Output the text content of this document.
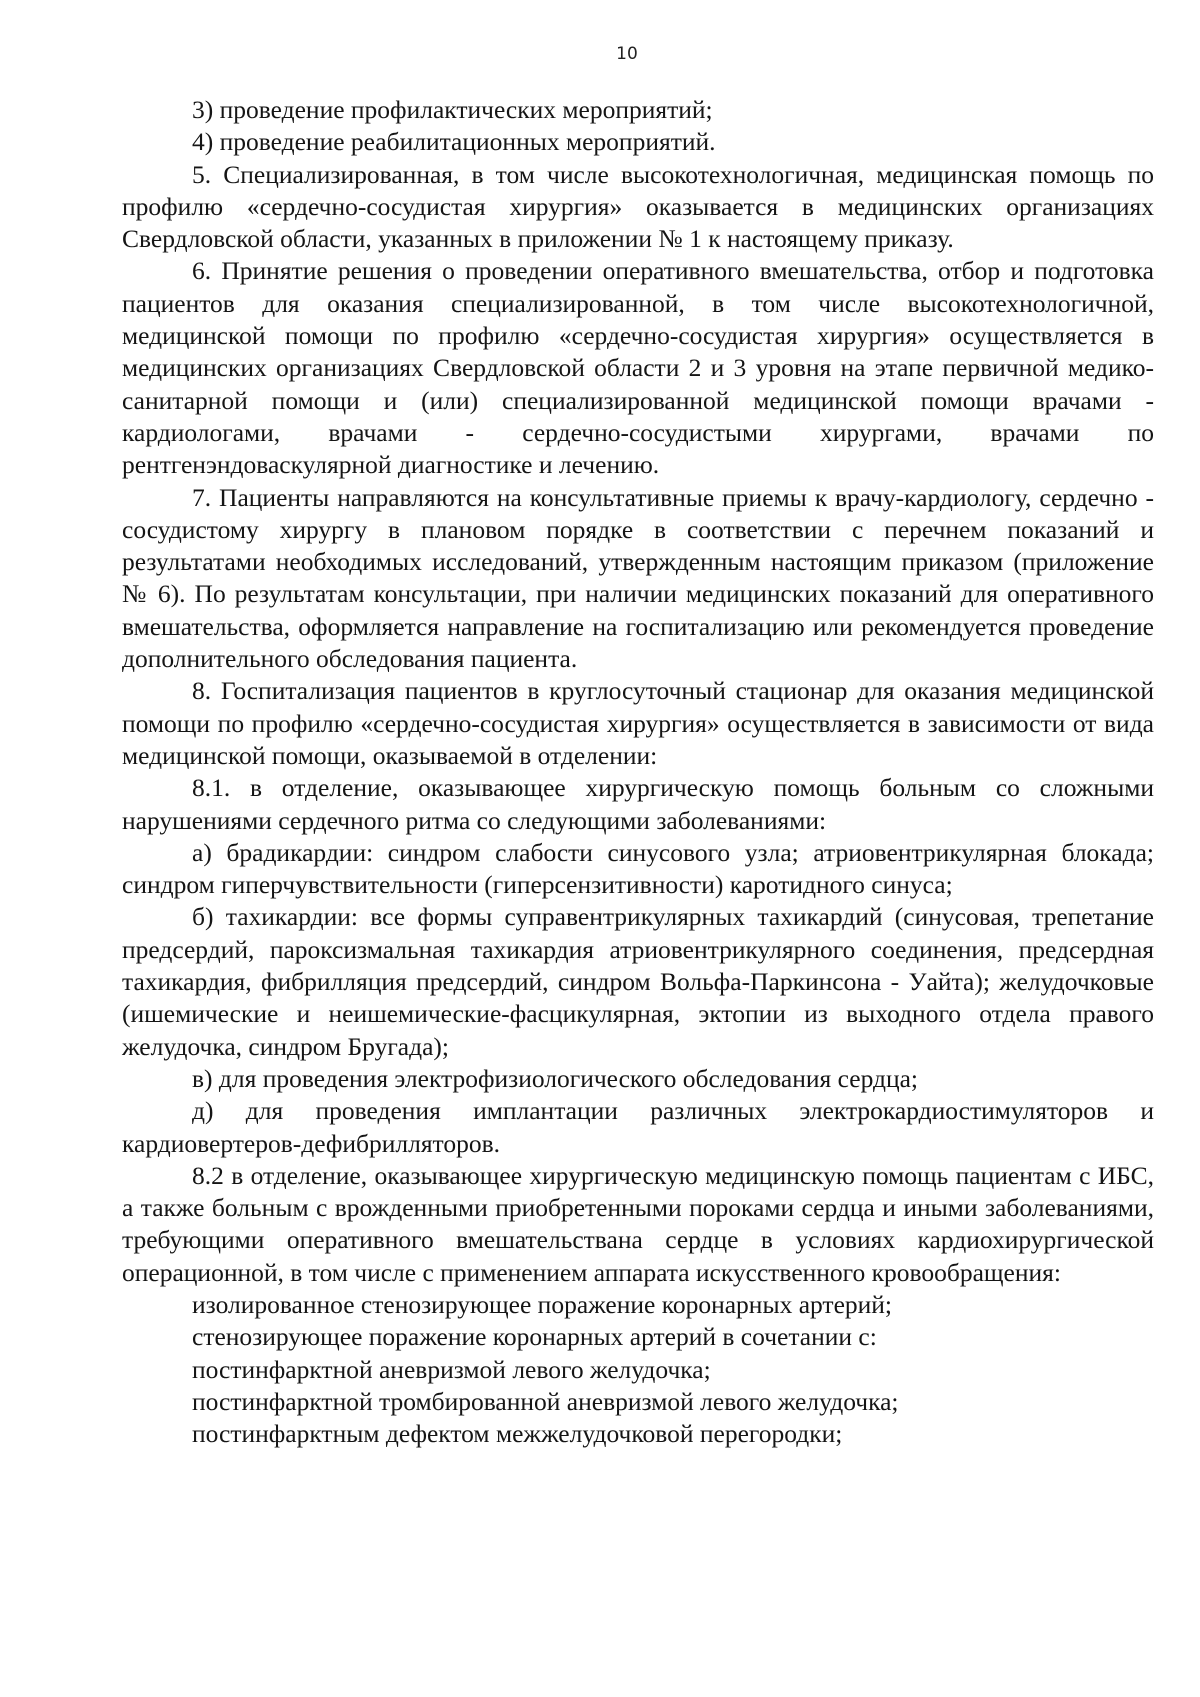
10

3) проведение профилактических мероприятий;

4) проведение реабилитационных мероприятий.

5. Специализированная, в том числе высокотехнологичная, медицинская помощь по профилю «сердечно-сосудистая хирургия» оказывается в медицинских организациях Свердловской области, указанных в приложении № 1 к настоящему приказу.

6. Принятие решения о проведении оперативного вмешательства, отбор и подготовка пациентов для оказания специализированной, в том числе высокотехнологичной, медицинской помощи по профилю «сердечно-сосудистая хирургия» осуществляется в медицинских организациях Свердловской области 2 и 3 уровня на этапе первичной медико-санитарной помощи и (или) специализированной медицинской помощи врачами - кардиологами, врачами - сердечно-сосудистыми хирургами, врачами по рентгенэндоваскулярной диагностике и лечению.

7. Пациенты направляются на консультативные приемы к врачу-кардиологу, сердечно - сосудистому хирургу в плановом порядке в соответствии с перечнем показаний и результатами необходимых исследований, утвержденным настоящим приказом (приложение № 6). По результатам консультации, при наличии медицинских показаний для оперативного вмешательства, оформляется направление на госпитализацию или рекомендуется проведение дополнительного обследования пациента.

8. Госпитализация пациентов в круглосуточный стационар для оказания медицинской помощи по профилю «сердечно-сосудистая хирургия» осуществляется в зависимости от вида медицинской помощи, оказываемой в отделении:

8.1. в отделение, оказывающее хирургическую помощь больным со сложными нарушениями сердечного ритма со следующими заболеваниями:

а) брадикардии: синдром слабости синусового узла; атриовентрикулярная блокада; синдром гиперчувствительности (гиперсензитивности) каротидного синуса;

б) тахикардии: все формы суправентрикулярных тахикардий (синусовая, трепетание предсердий, пароксизмальная тахикардия атриовентрикулярного соединения, предсердная тахикардия, фибрилляция предсердий, синдром Вольфа-Паркинсона - Уайта); желудочковые (ишемические и неишемические-фасцикулярная, эктопии из выходного отдела правого желудочка, синдром Бругада);

в) для проведения электрофизиологического обследования сердца;

д) для проведения имплантации различных электрокардиостимуляторов и кардиовертеров-дефибрилляторов.

8.2 в отделение, оказывающее хирургическую медицинскую помощь пациентам с ИБС, а также больным с врожденными приобретенными пороками сердца и иными заболеваниями, требующими оперативного вмешательствана сердце в условиях кардиохирургической операционной, в том числе с применением аппарата искусственного кровообращения:

изолированное стенозирующее поражение коронарных артерий;

стенозирующее поражение коронарных артерий в сочетании с:

постинфарктной аневризмой левого желудочка;

постинфарктной тромбированной аневризмой левого желудочка;

постинфарктным дефектом межжелудочковой перегородки;
